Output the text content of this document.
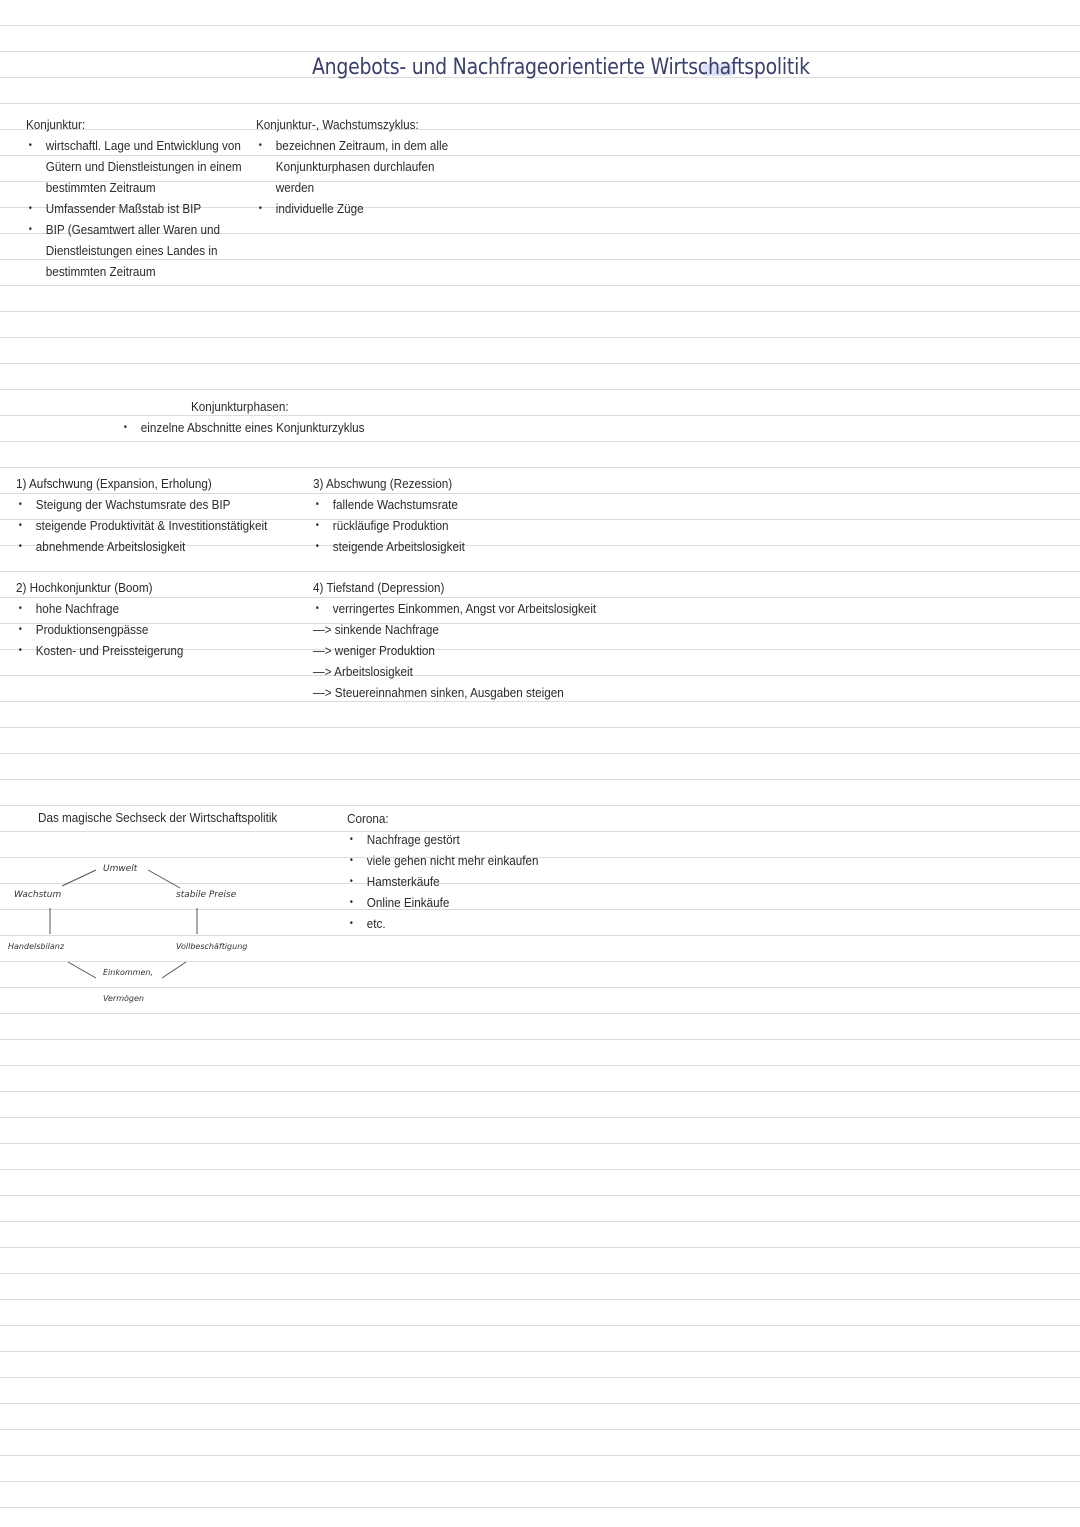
Angebots- und Nachfrageorientierte Wirtschaftspolitik
Konjunktur:
• wirtschaftl. Lage und Entwicklung von
Gütern und Dienstleistungen in einem
bestimmten Zeitraum
• Umfassender Maßstab ist BIP
• BIP (Gesamtwert aller Waren und
Dienstleistungen eines Landes in
bestimmten Zeitraum
Konjunktur-, Wachstumszyklus:
• bezeichnen Zeitraum, in dem alle
Konjunkturphasen durchlaufen
werden
• individuelle Züge
Konjunkturphasen:
• einzelne Abschnitte eines Konjunkturzyklus
1) Aufschwung (Expansion, Erholung)
• Steigung der Wachstumsrate des BIP
• steigende Produktivität & Investitionstätigkeit
• abnehmende Arbeitslosigkeit
3) Abschwung (Rezession)
• fallende Wachstumsrate
• rückläufige Produktion
• steigende Arbeitslosigkeit
2) Hochkonjunktur (Boom)
• hohe Nachfrage
• Produktionsengpässe
• Kosten- und Preissteigerung
4) Tiefstand (Depression)
• verringertes Einkommen, Angst vor Arbeitslosigkeit
—> sinkende Nachfrage
—> weniger Produktion
—> Arbeitslosigkeit
—> Steuereinnahmen sinken, Ausgaben steigen
Das magische Sechseck der Wirtschaftspolitik
Umwelt
Wachstum	stabile Preise
Handelsbilanz	Vollbeschäftigung
Einkommen,
Vermögen
Corona:
• Nachfrage gestört
• viele gehen nicht mehr einkaufen
• Hamsterkäufe
• Online Einkäufe
• etc.
